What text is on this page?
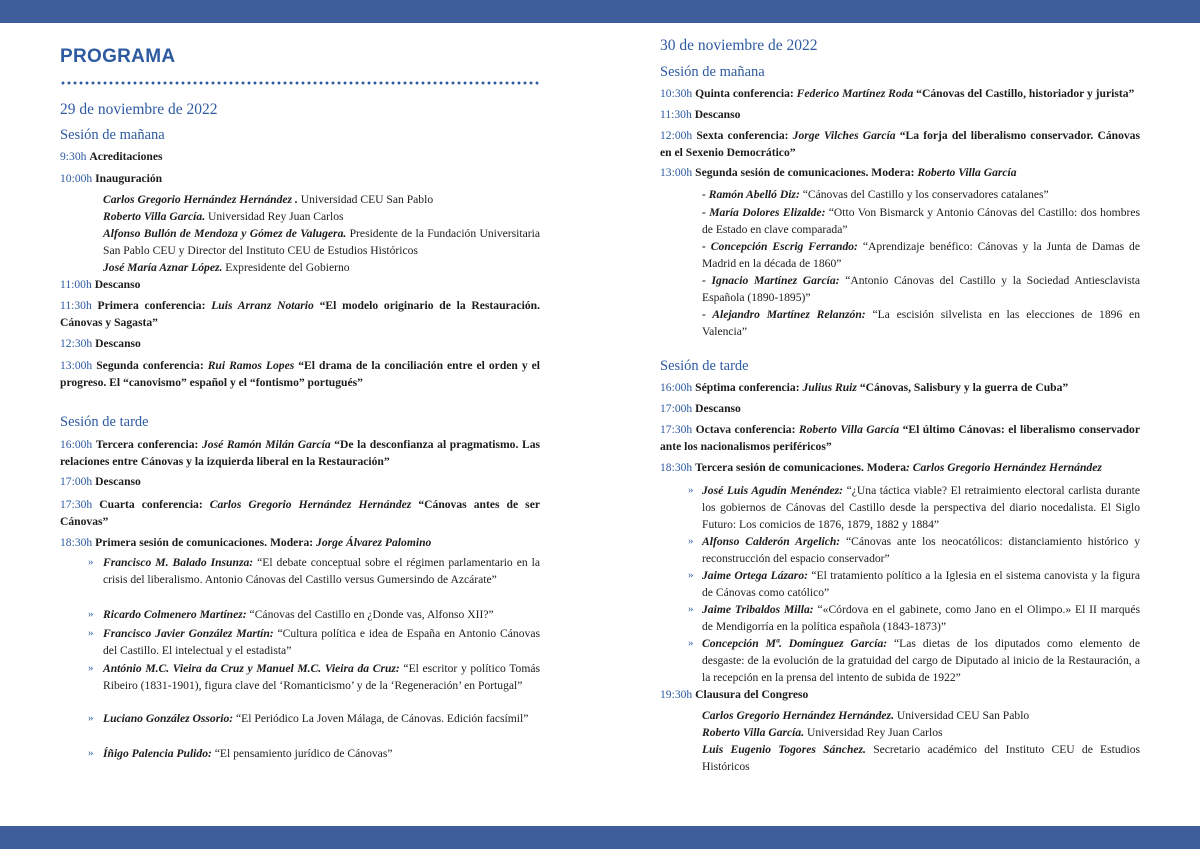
PROGRAMA
29 de noviembre de 2022
Sesión de mañana
9:30h Acreditaciones
10:00h Inauguración
Carlos Gregorio Hernández Hernández . Universidad CEU San Pablo
Roberto Villa García. Universidad Rey Juan Carlos
Alfonso Bullón de Mendoza y Gómez de Valugera. Presidente de la Fundación Universitaria San Pablo CEU y Director del Instituto CEU de Estudios Históricos
José María Aznar López. Expresidente del Gobierno
11:00h Descanso
11:30h Primera conferencia: Luis Arranz Notario “El modelo originario de la Restauración. Cánovas y Sagasta”
12:30h Descanso
13:00h Segunda conferencia: Rui Ramos Lopes “El drama de la conciliación entre el orden y el progreso. El “canovismo” español y el “fontismo” portugués”
Sesión de tarde
16:00h Tercera conferencia: José Ramón Milán García “De la desconfianza al pragmatismo. Las relaciones entre Cánovas y la izquierda liberal en la Restauración”
17:00h Descanso
17:30h Cuarta conferencia: Carlos Gregorio Hernández Hernández “Cánovas antes de ser Cánovas”
18:30h Primera sesión de comunicaciones. Modera: Jorge Álvarez Palomino
» Francisco M. Balado Insunza: “El debate conceptual sobre el régimen parlamentario en la crisis del liberalismo. Antonio Cánovas del Castillo versus Gumersindo de Azcárate”
» Ricardo Colmenero Martínez: “Cánovas del Castillo en ¿Donde vas, Alfonso XII?”
» Francisco Javier González Martín: “Cultura política e idea de España en Antonio Cánovas del Castillo. El intelectual y el estadista”
» António M.C. Vieira da Cruz y Manuel M.C. Vieira da Cruz: “El escritor y político Tomás Ribeiro (1831-1901), figura clave del ‘Romanticismo’ y de la ‘Regeneración’ en Portugal”
» Luciano González Ossorio: “El Periódico La Joven Málaga, de Cánovas. Edición facsímil”
» Íñigo Palencia Pulido: “El pensamiento jurídico de Cánovas”
30 de noviembre de 2022
Sesión de mañana
10:30h Quinta conferencia: Federico Martínez Roda “Cánovas del Castillo, historiador y jurista”
11:30h Descanso
12:00h Sexta conferencia: Jorge Vilches García “La forja del liberalismo conservador. Cánovas en el Sexenio Democrático”
13:00h Segunda sesión de comunicaciones. Modera: Roberto Villa García
- Ramón Abelló Diz: “Cánovas del Castillo y los conservadores catalanes”
- María Dolores Elizalde: “Otto Von Bismarck y Antonio Cánovas del Castillo: dos hombres de Estado en clave comparada”
- Concepción Escrig Ferrando: “Aprendizaje benéfico: Cánovas y la Junta de Damas de Madrid en la década de 1860”
- Ignacio Martínez García: “Antonio Cánovas del Castillo y la Sociedad Antiesclavista Española (1890-1895)”
- Alejandro Martínez Relanzón: “La escisión silvelista en las elecciones de 1896 en Valencia”
Sesión de tarde
16:00h Séptima conferencia: Julius Ruiz “Cánovas, Salisbury y la guerra de Cuba”
17:00h Descanso
17:30h Octava conferencia: Roberto Villa García “El último Cánovas: el liberalismo conservador ante los nacionalismos periféricos”
18:30h Tercera sesión de comunicaciones. Modera: Carlos Gregorio Hernández Hernández
» José Luis Agudín Menéndez: “¿Una táctica viable? El retraimiento electoral carlista durante los gobiernos de Cánovas del Castillo desde la perspectiva del diario nocedalista. El Siglo Futuro: Los comicios de 1876, 1879, 1882 y 1884”
» Alfonso Calderón Argelich: “Cánovas ante los neocatólicos: distanciamiento histórico y reconstrucción del espacio conservador”
» Jaime Ortega Lázaro: “El tratamiento político a la Iglesia en el sistema canovista y la figura de Cánovas como católico”
» Jaime Tribaldos Milla: “«Córdova en el gabinete, como Jano en el Olimpo.» El II marqués de Mendigorría en la política española (1843-1873)”
» Concepción Mª. Domínguez García: “Las dietas de los diputados como elemento de desgaste: de la evolución de la gratuidad del cargo de Diputado al inicio de la Restauración, a la recepción en la prensa del intento de subida de 1922”
19:30h Clausura del Congreso
Carlos Gregorio Hernández Hernández. Universidad CEU San Pablo
Roberto Villa García. Universidad Rey Juan Carlos
Luis Eugenio Togores Sánchez. Secretario académico del Instituto CEU de Estudios Históricos
